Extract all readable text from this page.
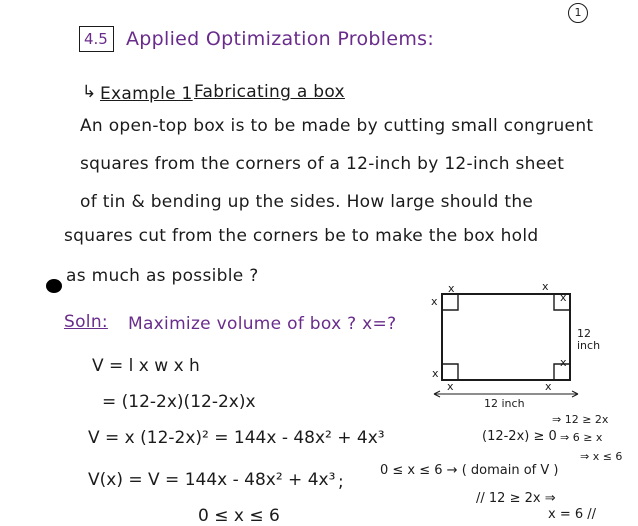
1
4.5 Applied Optimization Problems:
↳ Example 1 Fabricating a box
An open-top box is to be made by cutting small congruent
squares from the corners of a 12-inch by 12-inch sheet
of tin & bending up the sides. How large should the
squares cut from the corners be to make the box hold
as much as possible ?
Soln: Maximize volume of box ? x=?
V = l x w x h
= (12-2x)(12-2x)x
V = x (12-2x)² = 144x - 48x² + 4x³
V(x) = V = 144x - 48x² + 4x³ ;
0 ≤ x ≤ 6
x
x
x
x
x
x	x
x
12 inch
12 inch
(12-2x) ≥ 0
⇒ 12 ≥ 2x
⇒ 6 ≥ x
0 ≤ x ≤ 6 → ( domain of V )
⇒ x ≤ 6
// 12 ≥ 2x ⇒
x = 6 //
